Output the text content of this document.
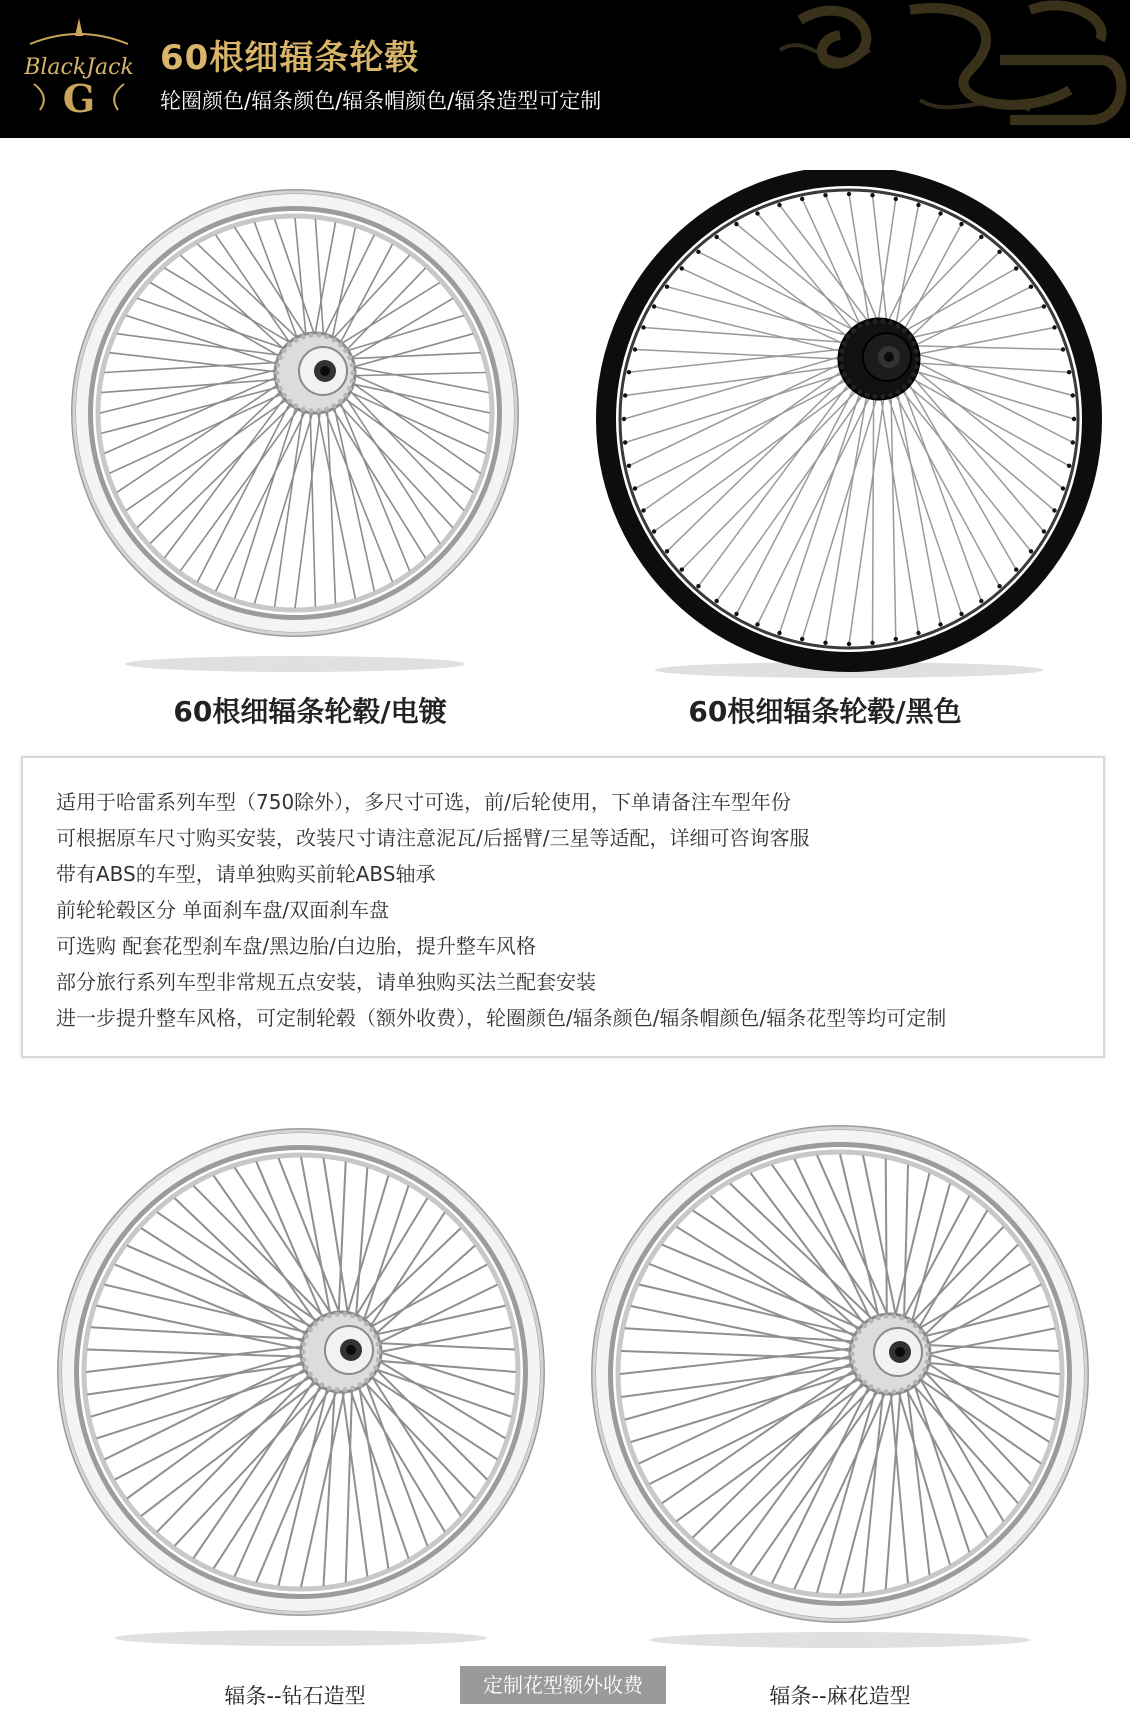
BlackJack
G
60根细辐条轮毂
轮圈颜色/辐条颜色/辐条帽颜色/辐条造型可定制
60根细辐条轮毂/电镀	60根细辐条轮毂/黑色
适用于哈雷系列车型（750除外），多尺寸可选，前/后轮使用，下单请备注车型年份
可根据原车尺寸购买安装，改装尺寸请注意泥瓦/后摇臂/三星等适配，详细可咨询客服
带有ABS的车型，请单独购买前轮ABS轴承
前轮轮毂区分 单面刹车盘/双面刹车盘
可选购 配套花型刹车盘/黑边胎/白边胎，提升整车风格
部分旅行系列车型非常规五点安装，请单独购买法兰配套安装
进一步提升整车风格，可定制轮毂（额外收费），轮圈颜色/辐条颜色/辐条帽颜色/辐条花型等均可定制
辐条--钻石造型	定制花型额外收费	辐条--麻花造型
